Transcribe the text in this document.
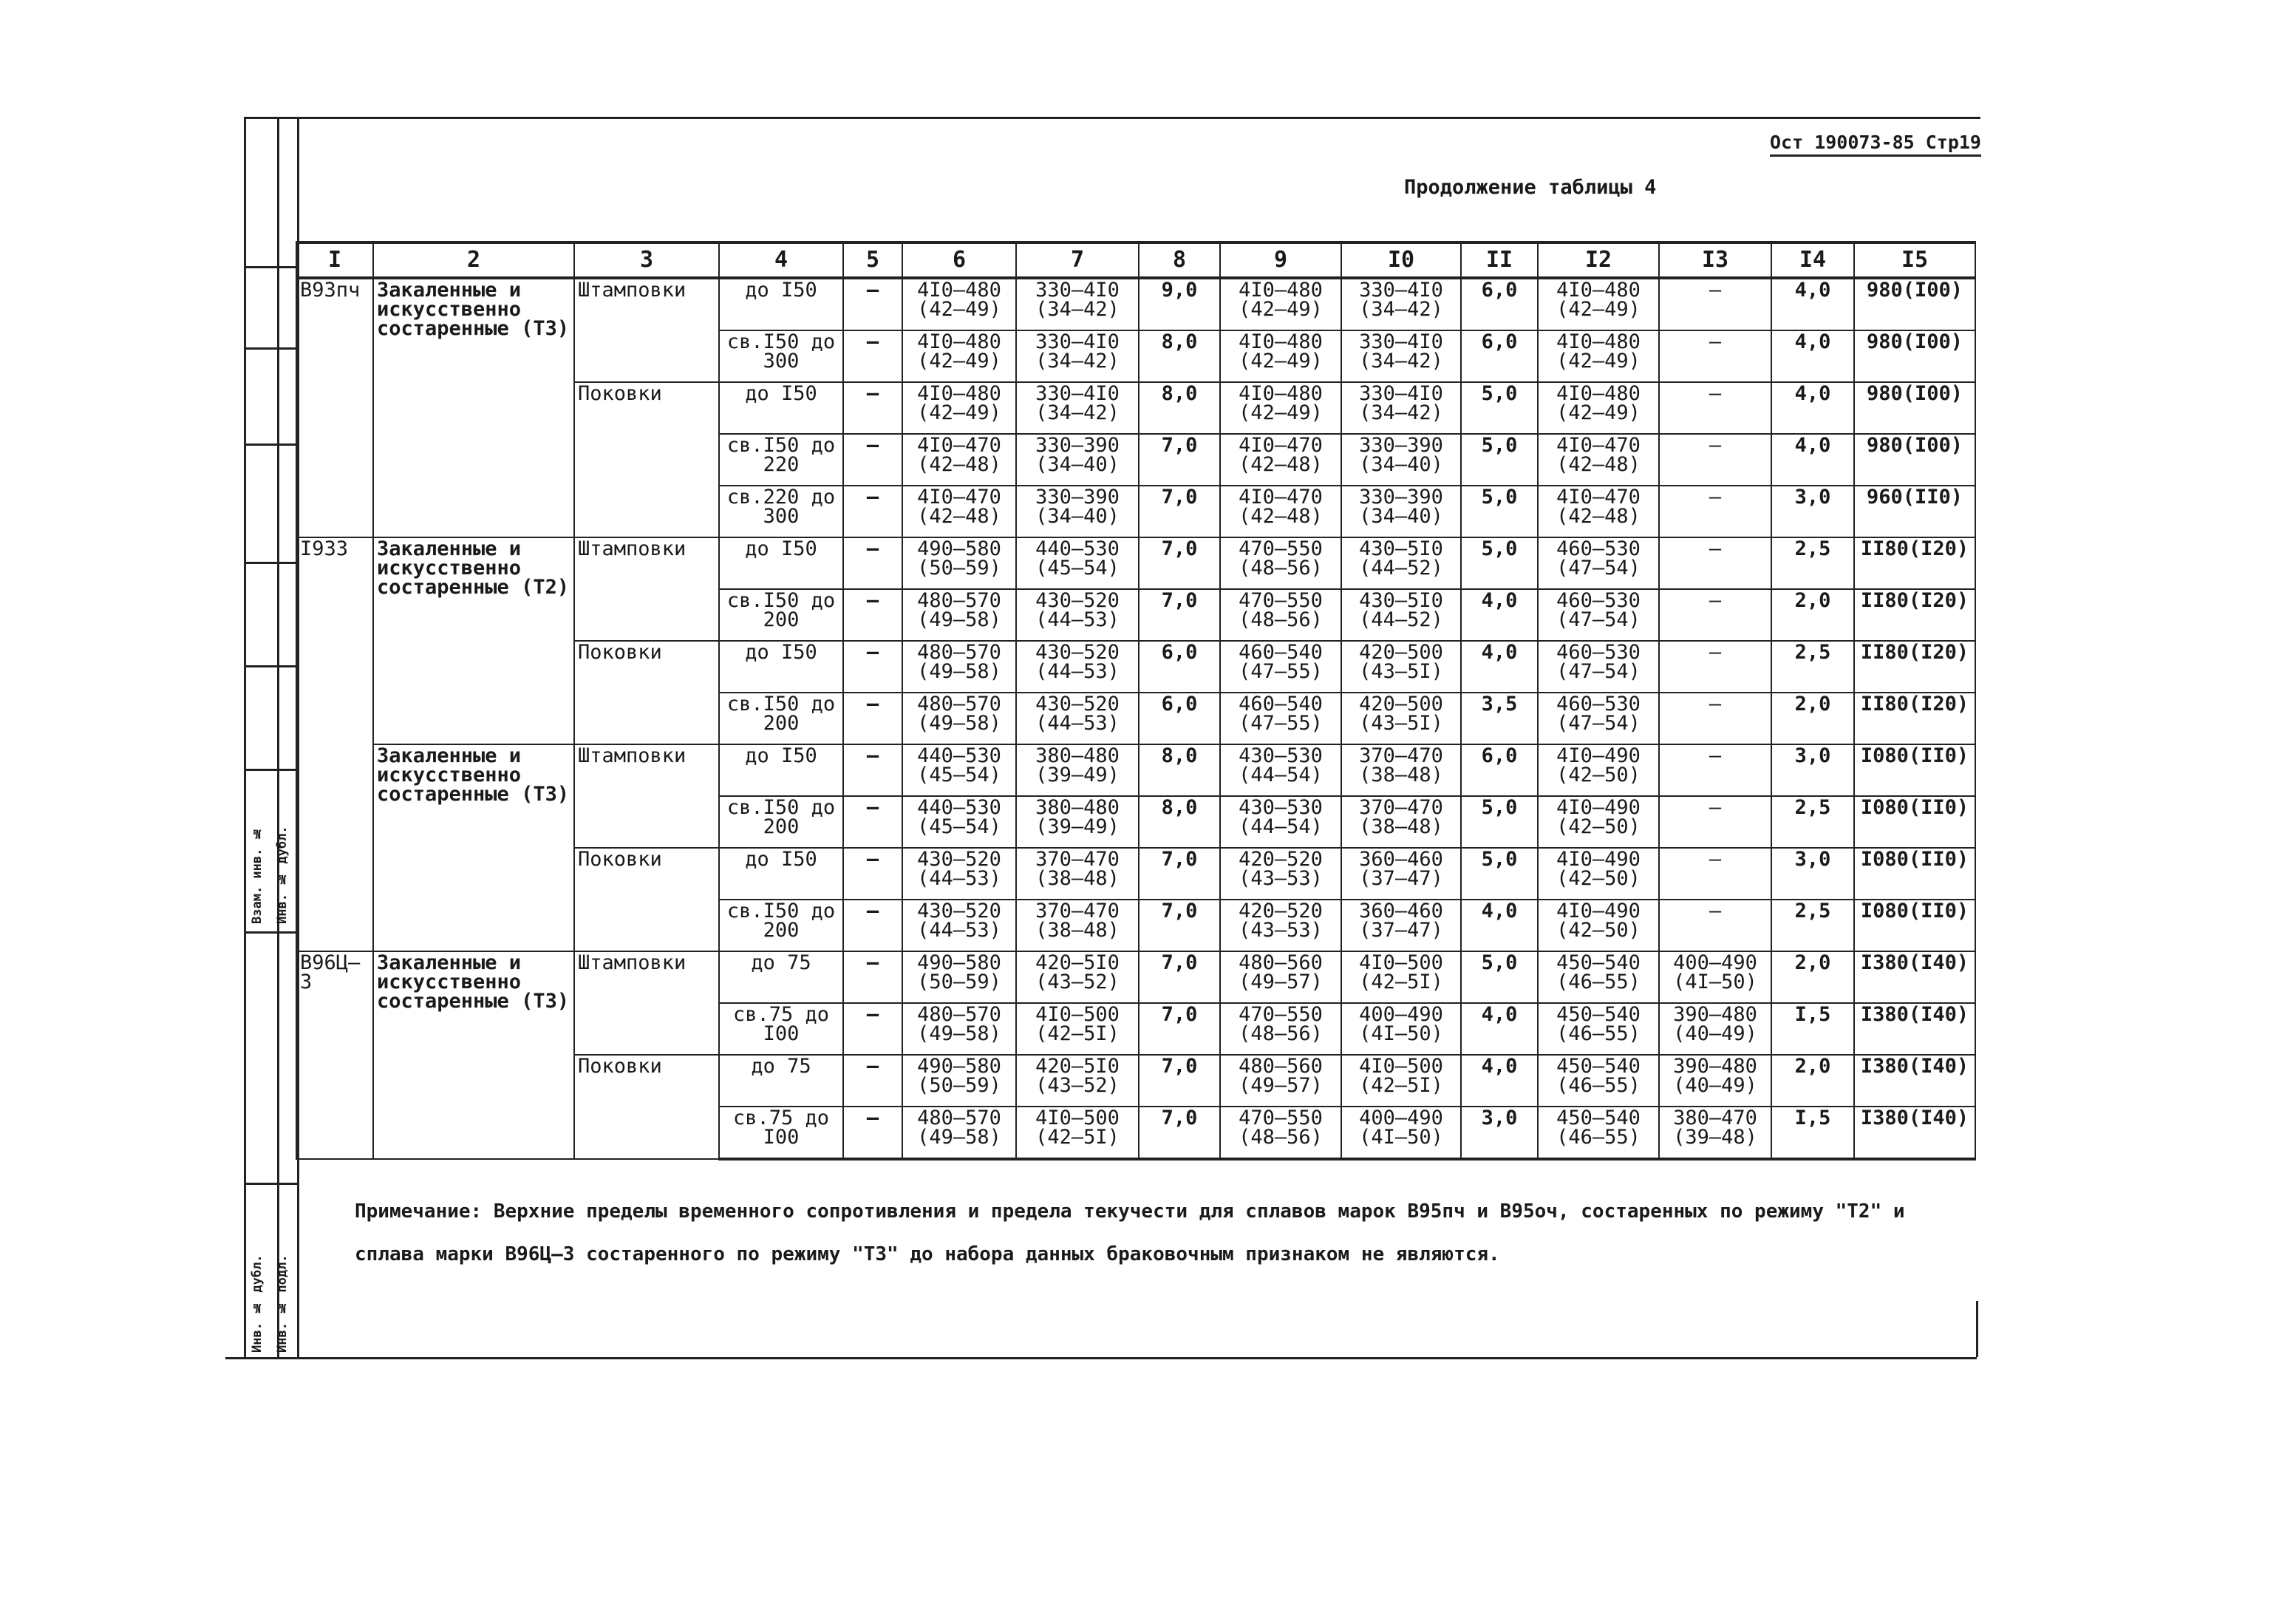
Взам. инв. № Инв. № дубл.
Инв. № дубл. Инв. № подл.
Ост 190073-85 Стр19
Продолжение таблицы 4
I	2	3	4	5	6	7	8	9	I0	II	I2	I3	I4	I5
В93пч	Закаленные и искусственно состаренные (Т3)	Штамповки	до I50	–	4I0–480 (42–49)	330–4I0 (34–42)	9,0	4I0–480 (42–49)	330–4I0 (34–42)	6,0	4I0–480 (42–49)	–	4,0	980(I00)
			св.I50 до 300	–	4I0–480 (42–49)	330–4I0 (34–42)	8,0	4I0–480 (42–49)	330–4I0 (34–42)	6,0	4I0–480 (42–49)	–	4,0	980(I00)
		Поковки	до I50	–	4I0–480 (42–49)	330–4I0 (34–42)	8,0	4I0–480 (42–49)	330–4I0 (34–42)	5,0	4I0–480 (42–49)	–	4,0	980(I00)
			св.I50 до 220	–	4I0–470 (42–48)	330–390 (34–40)	7,0	4I0–470 (42–48)	330–390 (34–40)	5,0	4I0–470 (42–48)	–	4,0	980(I00)
			св.220 до 300	–	4I0–470 (42–48)	330–390 (34–40)	7,0	4I0–470 (42–48)	330–390 (34–40)	5,0	4I0–470 (42–48)	–	3,0	960(II0)
I933	Закаленные и искусственно состаренные (Т2)	Штамповки	до I50	–	490–580 (50–59)	440–530 (45–54)	7,0	470–550 (48–56)	430–5I0 (44–52)	5,0	460–530 (47–54)	–	2,5	II80(I20)
			св.I50 до 200	–	480–570 (49–58)	430–520 (44–53)	7,0	470–550 (48–56)	430–5I0 (44–52)	4,0	460–530 (47–54)	–	2,0	II80(I20)
		Поковки	до I50	–	480–570 (49–58)	430–520 (44–53)	6,0	460–540 (47–55)	420–500 (43–5I)	4,0	460–530 (47–54)	–	2,5	II80(I20)
			св.I50 до 200	–	480–570 (49–58)	430–520 (44–53)	6,0	460–540 (47–55)	420–500 (43–5I)	3,5	460–530 (47–54)	–	2,0	II80(I20)
	Закаленные и искусственно состаренные (Т3)	Штамповки	до I50	–	440–530 (45–54)	380–480 (39–49)	8,0	430–530 (44–54)	370–470 (38–48)	6,0	4I0–490 (42–50)	–	3,0	I080(II0)
			св.I50 до 200	–	440–530 (45–54)	380–480 (39–49)	8,0	430–530 (44–54)	370–470 (38–48)	5,0	4I0–490 (42–50)	–	2,5	I080(II0)
		Поковки	до I50	–	430–520 (44–53)	370–470 (38–48)	7,0	420–520 (43–53)	360–460 (37–47)	5,0	4I0–490 (42–50)	–	3,0	I080(II0)
			св.I50 до 200	–	430–520 (44–53)	370–470 (38–48)	7,0	420–520 (43–53)	360–460 (37–47)	4,0	4I0–490 (42–50)	–	2,5	I080(II0)
В96Ц–3	Закаленные и искусственно состаренные (Т3)	Штамповки	до 75	–	490–580 (50–59)	420–5I0 (43–52)	7,0	480–560 (49–57)	4I0–500 (42–5I)	5,0	450–540 (46–55)	400–490 (4I–50)	2,0	I380(I40)
			св.75 до I00	–	480–570 (49–58)	4I0–500 (42–5I)	7,0	470–550 (48–56)	400–490 (4I–50)	4,0	450–540 (46–55)	390–480 (40–49)	I,5	I380(I40)
		Поковки	до 75	–	490–580 (50–59)	420–5I0 (43–52)	7,0	480–560 (49–57)	4I0–500 (42–5I)	4,0	450–540 (46–55)	390–480 (40–49)	2,0	I380(I40)
			св.75 до I00	–	480–570 (49–58)	4I0–500 (42–5I)	7,0	470–550 (48–56)	400–490 (4I–50)	3,0	450–540 (46–55)	380–470 (39–48)	I,5	I380(I40)
Примечание: Верхние пределы временного сопротивления и предела текучести для сплавов марок В95пч и В95оч, состаренных по режиму "Т2" и сплава марки В96Ц–3 состаренного по режиму "Т3" до набора данных браковочным признаком не являются.
